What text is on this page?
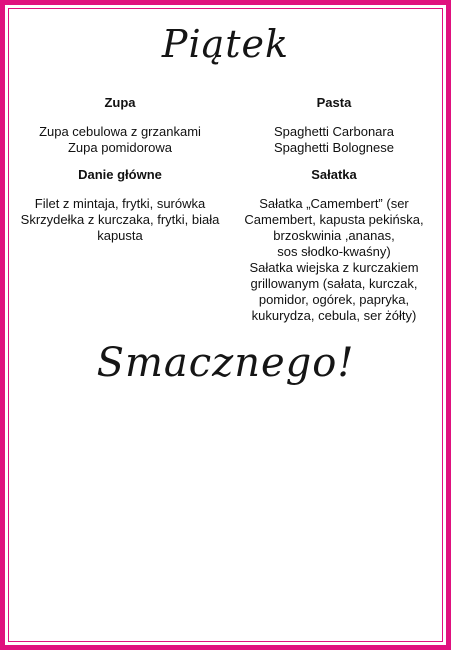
Piątek
Zupa
Zupa cebulowa z grzankami
Zupa pomidorowa
Danie główne
Filet z mintaja, frytki, surówka
Skrzydełka z kurczaka, frytki, biała kapusta
Pasta
Spaghetti Carbonara
Spaghetti Bolognese
Sałatka
Sałatka „Camembert” (ser Camembert, kapusta pekińska, brzoskwinia ,ananas,
sos słodko-kwaśny)
Sałatka wiejska z kurczakiem grillowanym (sałata, kurczak, pomidor, ogórek, papryka, kukurydza, cebula, ser żółty)
Smacznego!
